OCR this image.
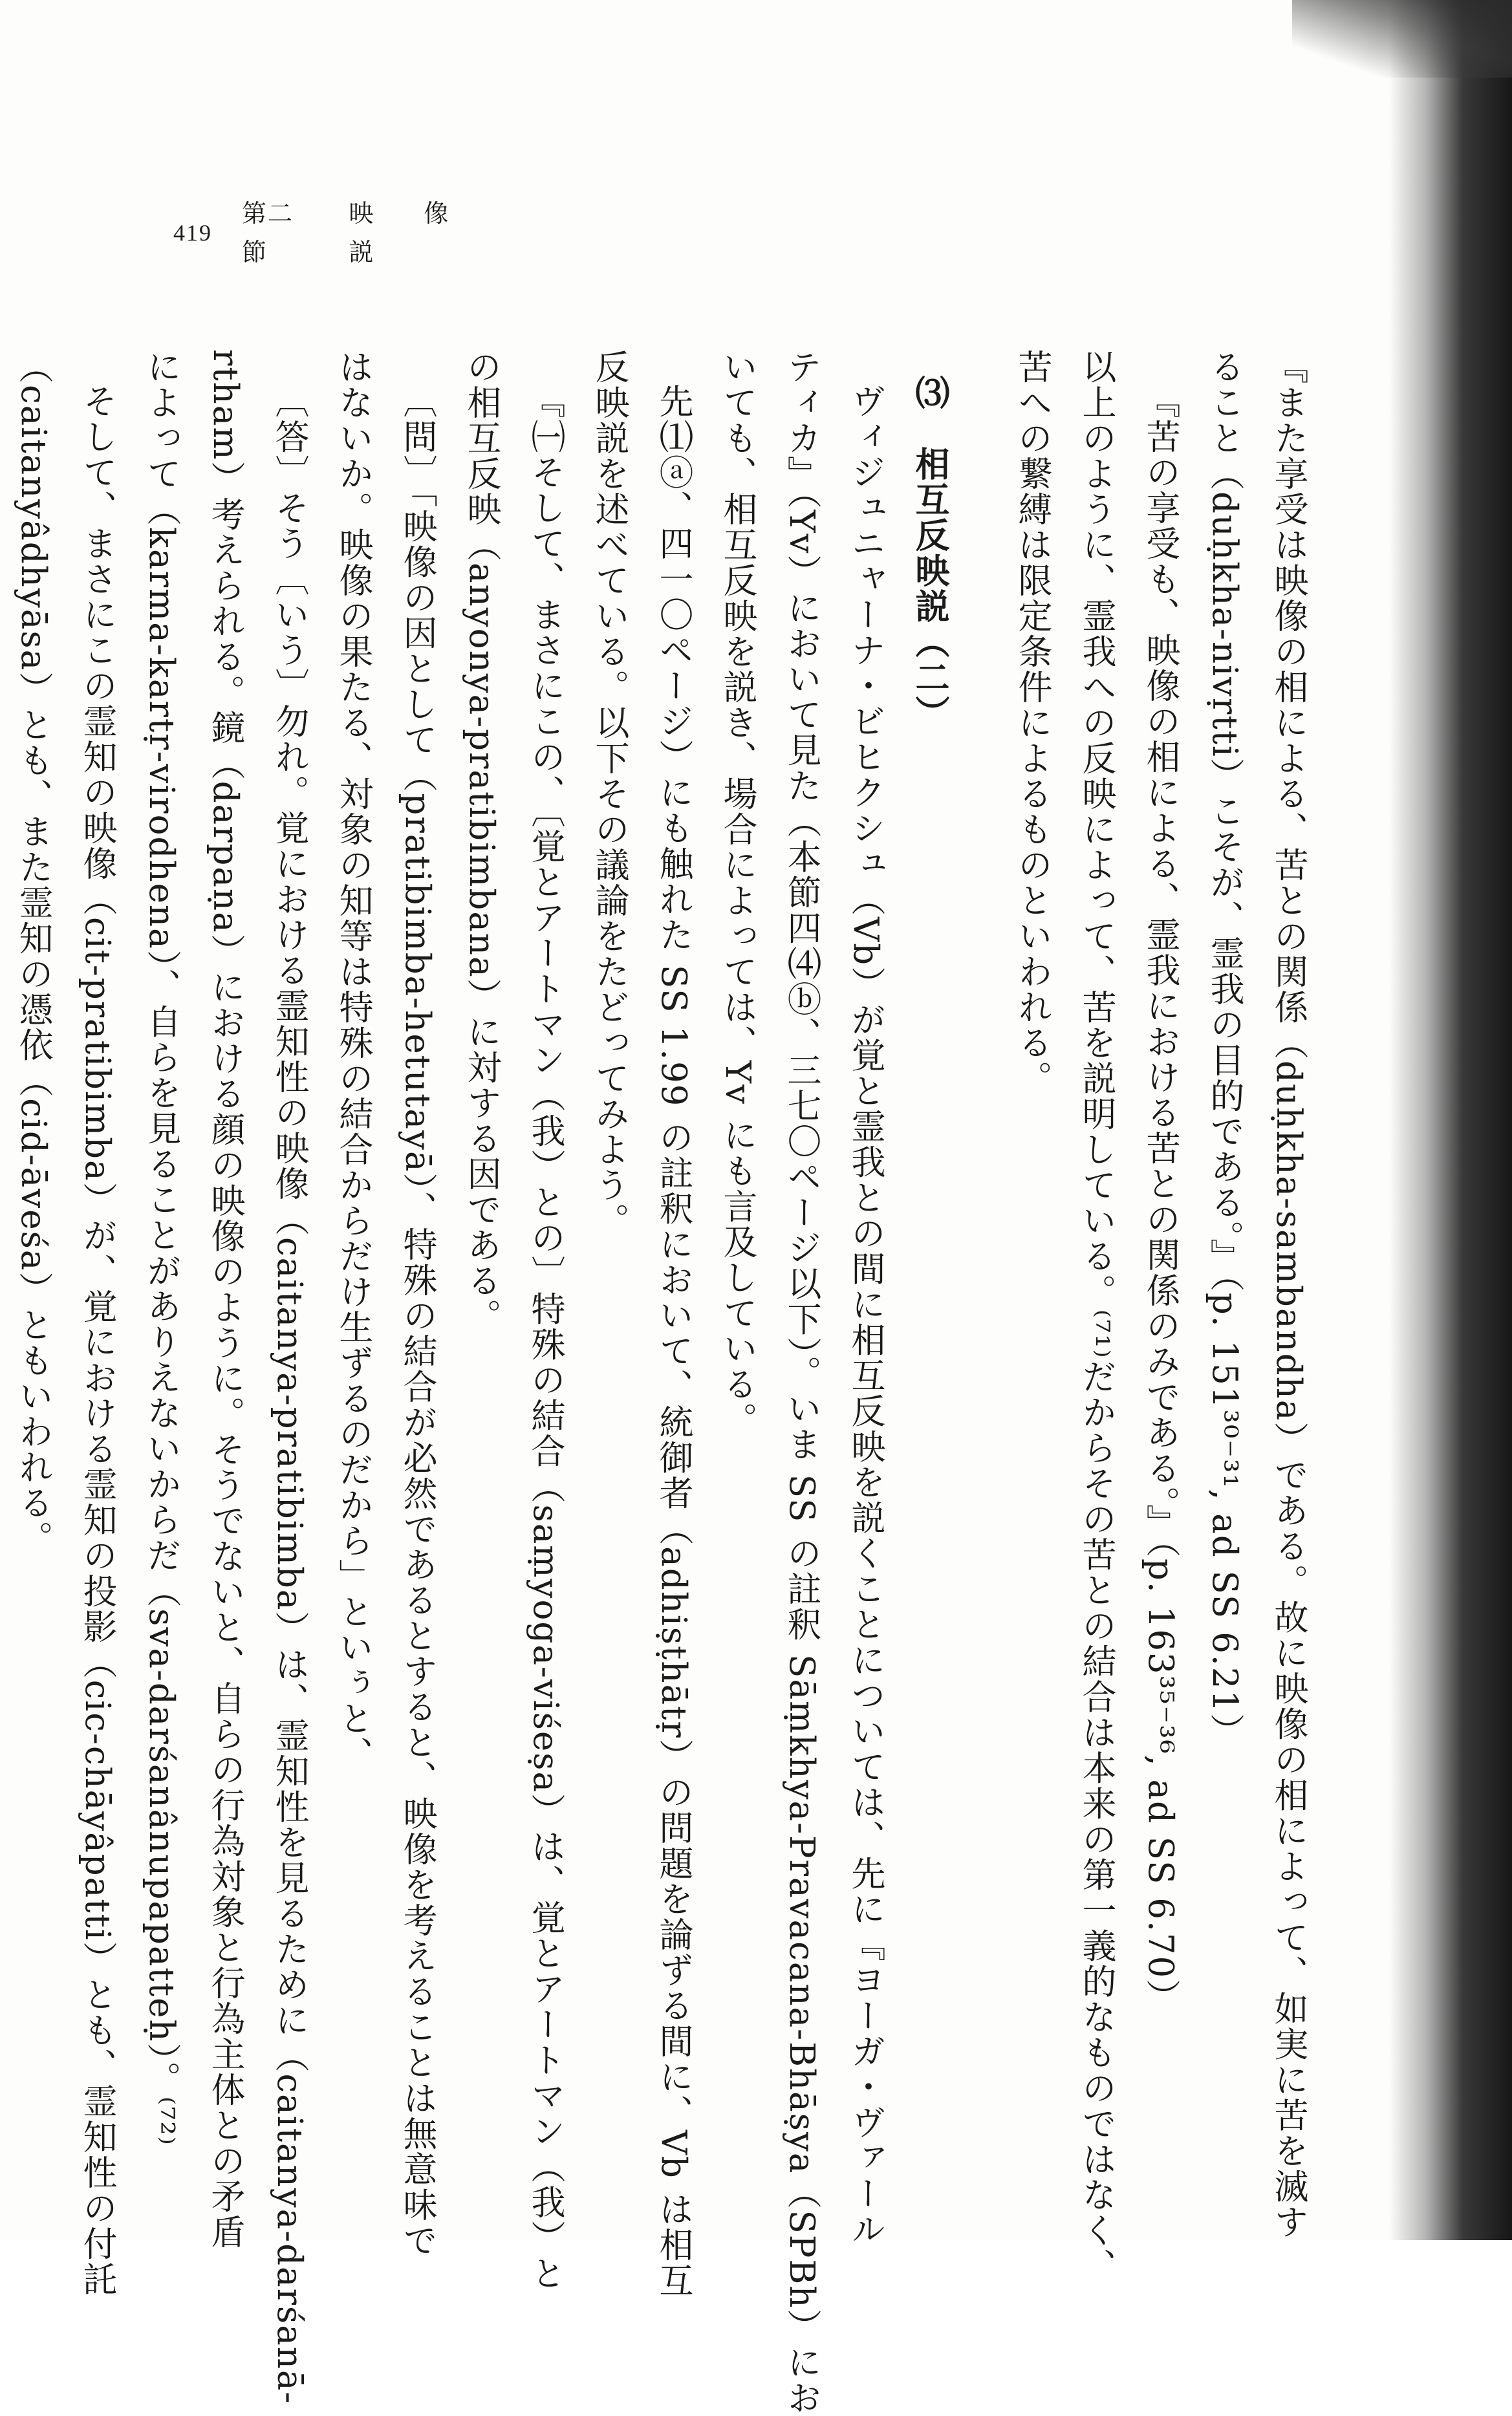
419
第二節
映　像　説
『また享受は映像の相による、苦との関係（duḥkha-sambandha）である。故に映像の相によって、如実に苦を滅す
ること（duḥkha-nivṛtti）こそが、霊我の目的である。』（p. 151³⁰⁻³¹, ad SS 6.21）
『苦の享受も、映像の相による、霊我における苦との関係のみである。』（p. 163³⁵⁻³⁶, ad SS 6.70）
以上のように、霊我への反映によって、苦を説明している。⁽⁷¹⁾だからその苦との結合は本来の第一義的なものではなく、
苦への繋縛は限定条件によるものといわれる。
⑶　相互反映説（二）
ヴィジュニャーナ・ビヒクシュ（Vb）が覚と霊我との間に相互反映を説くことについては、先に『ヨーガ・ヴァール
ティカ』（Yv）において見た（本節四⑷ⓑ、三七〇ページ以下）。いま SS の註釈 Sāṃkhya-Pravacana-Bhāṣya（SPBh）にお
いても、相互反映を説き、場合によっては、Yv にも言及している。
先⑴ⓐ、四一〇ページ）にも触れた SS 1.99 の註釈において、統御者（adhiṣṭhātṛ）の問題を論ずる間に、Vb は相互
反映説を述べている。以下その議論をたどってみよう。
『㈠そして、まさにこの、〔覚とアートマン（我）との〕特殊の結合（saṃyoga-viśeṣa）は、覚とアートマン（我）と
の相互反映（anyonya-pratibimbana）に対する因である。
〔問〕「映像の因として（pratibimba-hetutayā）、特殊の結合が必然であるとすると、映像を考えることは無意味で
はないか。映像の果たる、対象の知等は特殊の結合からだけ生ずるのだから」といぅと、
〔答〕そう〔いう〕勿れ。覚における霊知性の映像（caitanya-pratibimba）は、霊知性を見るために（caitanya-darśanā-
rtham）考えられる。鏡（darpaṇa）における顔の映像のように。そうでないと、自らの行為対象と行為主体との矛盾
によって（karma-kartṛ-virodhena）、自らを見ることがありえないからだ（sva-darśanânupapatteḥ）。⁽⁷²⁾
そして、まさにこの霊知の映像（cit-pratibimba）が、覚における霊知の投影（cic-chāyâpatti）とも、霊知性の付託
（caitanyâdhyāsa）とも、また霊知の憑依（cid-āveśa）ともいわれる。
